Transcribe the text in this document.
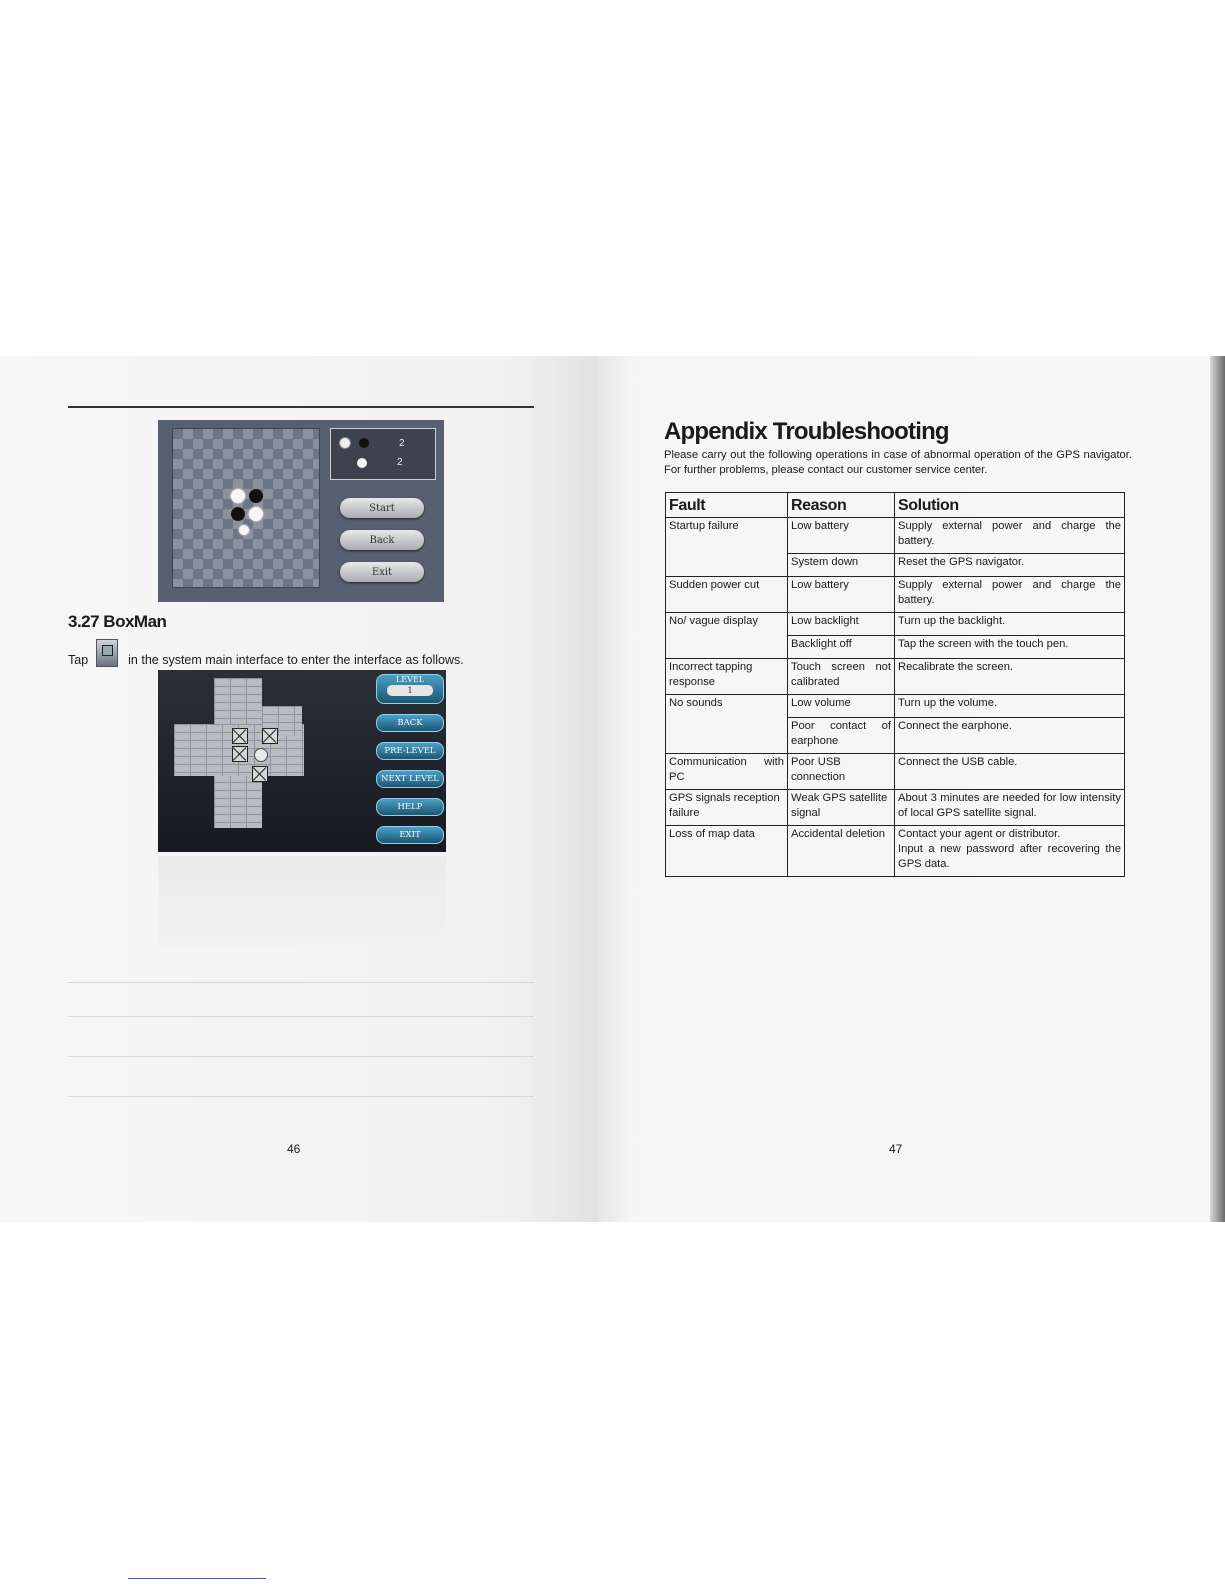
2
2
Start
Back
Exit
3.27 BoxMan
Tap	in the system main interface to enter the interface as follows.
LEVEL
1
BACK
PRE-LEVEL
NEXT LEVEL
HELP
EXIT
46
Appendix Troubleshooting

Please carry out the following operations in case of abnormal operation of the GPS navigator. For further problems, please contact our customer service center.

Fault	Reason	Solution
Startup failure	Low battery	Supply external power and charge the battery.
	System down	Reset the GPS navigator.
Sudden power cut	Low battery	Supply external power and charge the battery.
No/ vague display	Low backlight	Turn up the backlight.
	Backlight off	Tap the screen with the touch pen.
Incorrect tapping response	Touch screen not calibrated	Recalibrate the screen.
No sounds	Low volume	Turn up the volume.
	Poor contact of earphone	Connect the earphone.
Communication with PC	Poor USB connection	Connect the USB cable.
GPS signals reception failure	Weak GPS satellite signal	About 3 minutes are needed for low intensity of local GPS satellite signal.
Loss of map data	Accidental deletion	Contact your agent or distributor.
Input a new password after recovering the GPS data.
47
